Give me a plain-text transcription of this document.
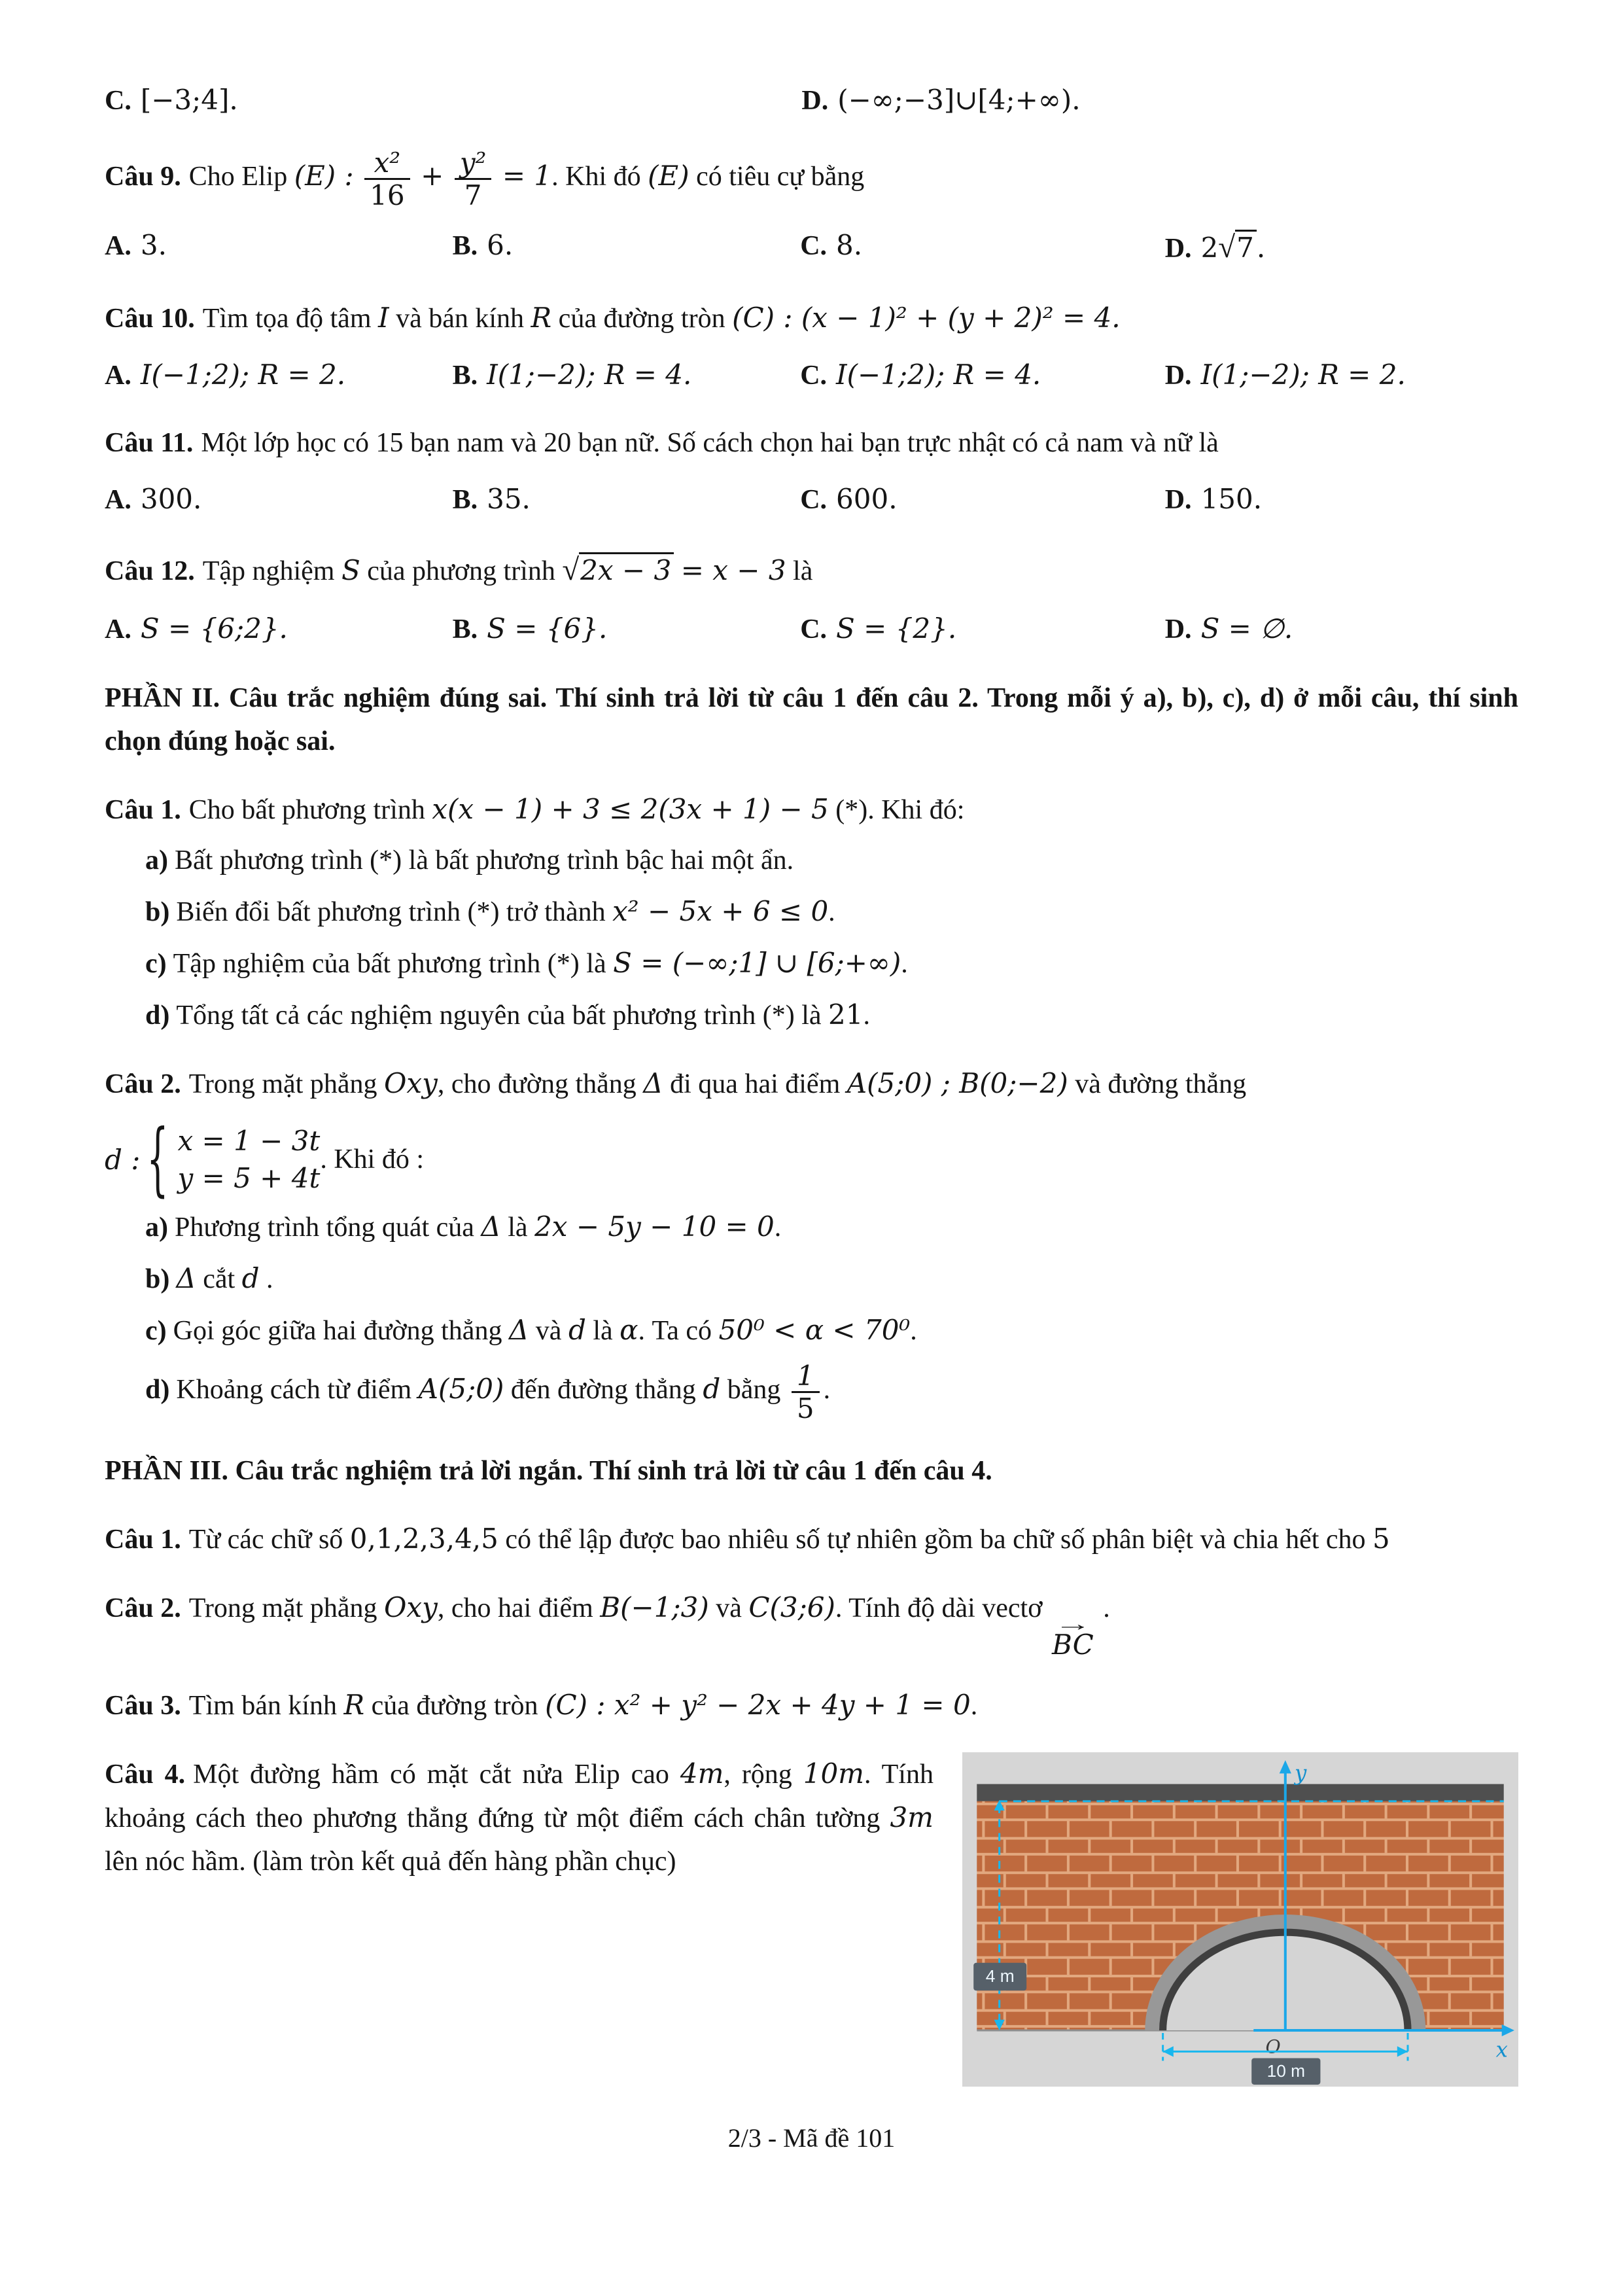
C. [−3;4].	D. (−∞;−3]∪[4;+∞).
Câu 9. Cho Elip (E) : $\frac{\text{x²}}{16} + \frac{\text{y²}}{7} = 1$. Khi đó (E) có tiêu cự bằng
A. 3.	B. 6.	C. 8.	D. 2√7.
Câu 10. Tìm tọa độ tâm I và bán kính R của đường tròn (C) : (x − 1)² + (y + 2)² = 4.
A. I(−1;2); R = 2.	B. I(1;−2); R = 4.	C. I(−1;2); R = 4.	D. I(1;−2); R = 2.
Câu 11. Một lớp học có 15 bạn nam và 20 bạn nữ. Số cách chọn hai bạn trực nhật có cả nam và nữ là
A. 300.	B. 35.	C. 600.	D. 150.
Câu 12. Tập nghiệm S của phương trình √2x − 3 = x − 3 là
A. S = {6;2}.	B. S = {6}.	C. S = {2}.	D. S = ∅.
PHẦN II. Câu trắc nghiệm đúng sai. Thí sinh trả lời từ câu 1 đến câu 2. Trong mỗi ý a), b), c), d) ở mỗi câu, thí sinh chọn đúng hoặc sai.
Câu 1. Cho bất phương trình x(x − 1) + 3 ≤ 2(3x + 1) − 5 (*). Khi đó:
a) Bất phương trình (*) là bất phương trình bậc hai một ẩn.
b) Biến đổi bất phương trình (*) trở thành x² − 5x + 6 ≤ 0.
c) Tập nghiệm của bất phương trình (*) là S = (−∞;1] ∪ [6;+∞).
d) Tổng tất cả các nghiệm nguyên của bất phương trình (*) là 21.
Câu 2. Trong mặt phẳng Oxy, cho đường thẳng Δ đi qua hai điểm A(5;0) ; B(0;−2) và đường thẳng
d : { x = 1 − 3t
y = 5 + 4t
. Khi đó :
a) Phương trình tổng quát của Δ là 2x − 5y − 10 = 0.
b) Δ cắt d .
c) Gọi góc giữa hai đường thẳng Δ và d là α. Ta có 50⁰ < α < 70⁰.
d) Khoảng cách từ điểm A(5;0) đến đường thẳng d bằng $\frac{1}{5}$ .
PHẦN III. Câu trắc nghiệm trả lời ngắn. Thí sinh trả lời từ câu 1 đến câu 4.
Câu 1. Từ các chữ số 0,1,2,3,4,5 có thể lập được bao nhiêu số tự nhiên gồm ba chữ số phân biệt và chia hết cho 5
Câu 2. Trong mặt phẳng Oxy, cho hai điểm B(−1;3) và C(3;6). Tính độ dài vectơ
→
BC
.
Câu 3. Tìm bán kính R của đường tròn (C) : x² + y² − 2x + 4y + 1 = 0.
Câu 4. Một đường hầm có mặt cắt nửa Elip cao 4m, rộng 10m. Tính khoảng cách theo phương thẳng đứng từ một điểm cách chân tường 3m lên nóc hầm. (làm tròn kết quả đến hàng phần chục)
y
x
O
4 m
10 m
2/3 - Mã đề 101
